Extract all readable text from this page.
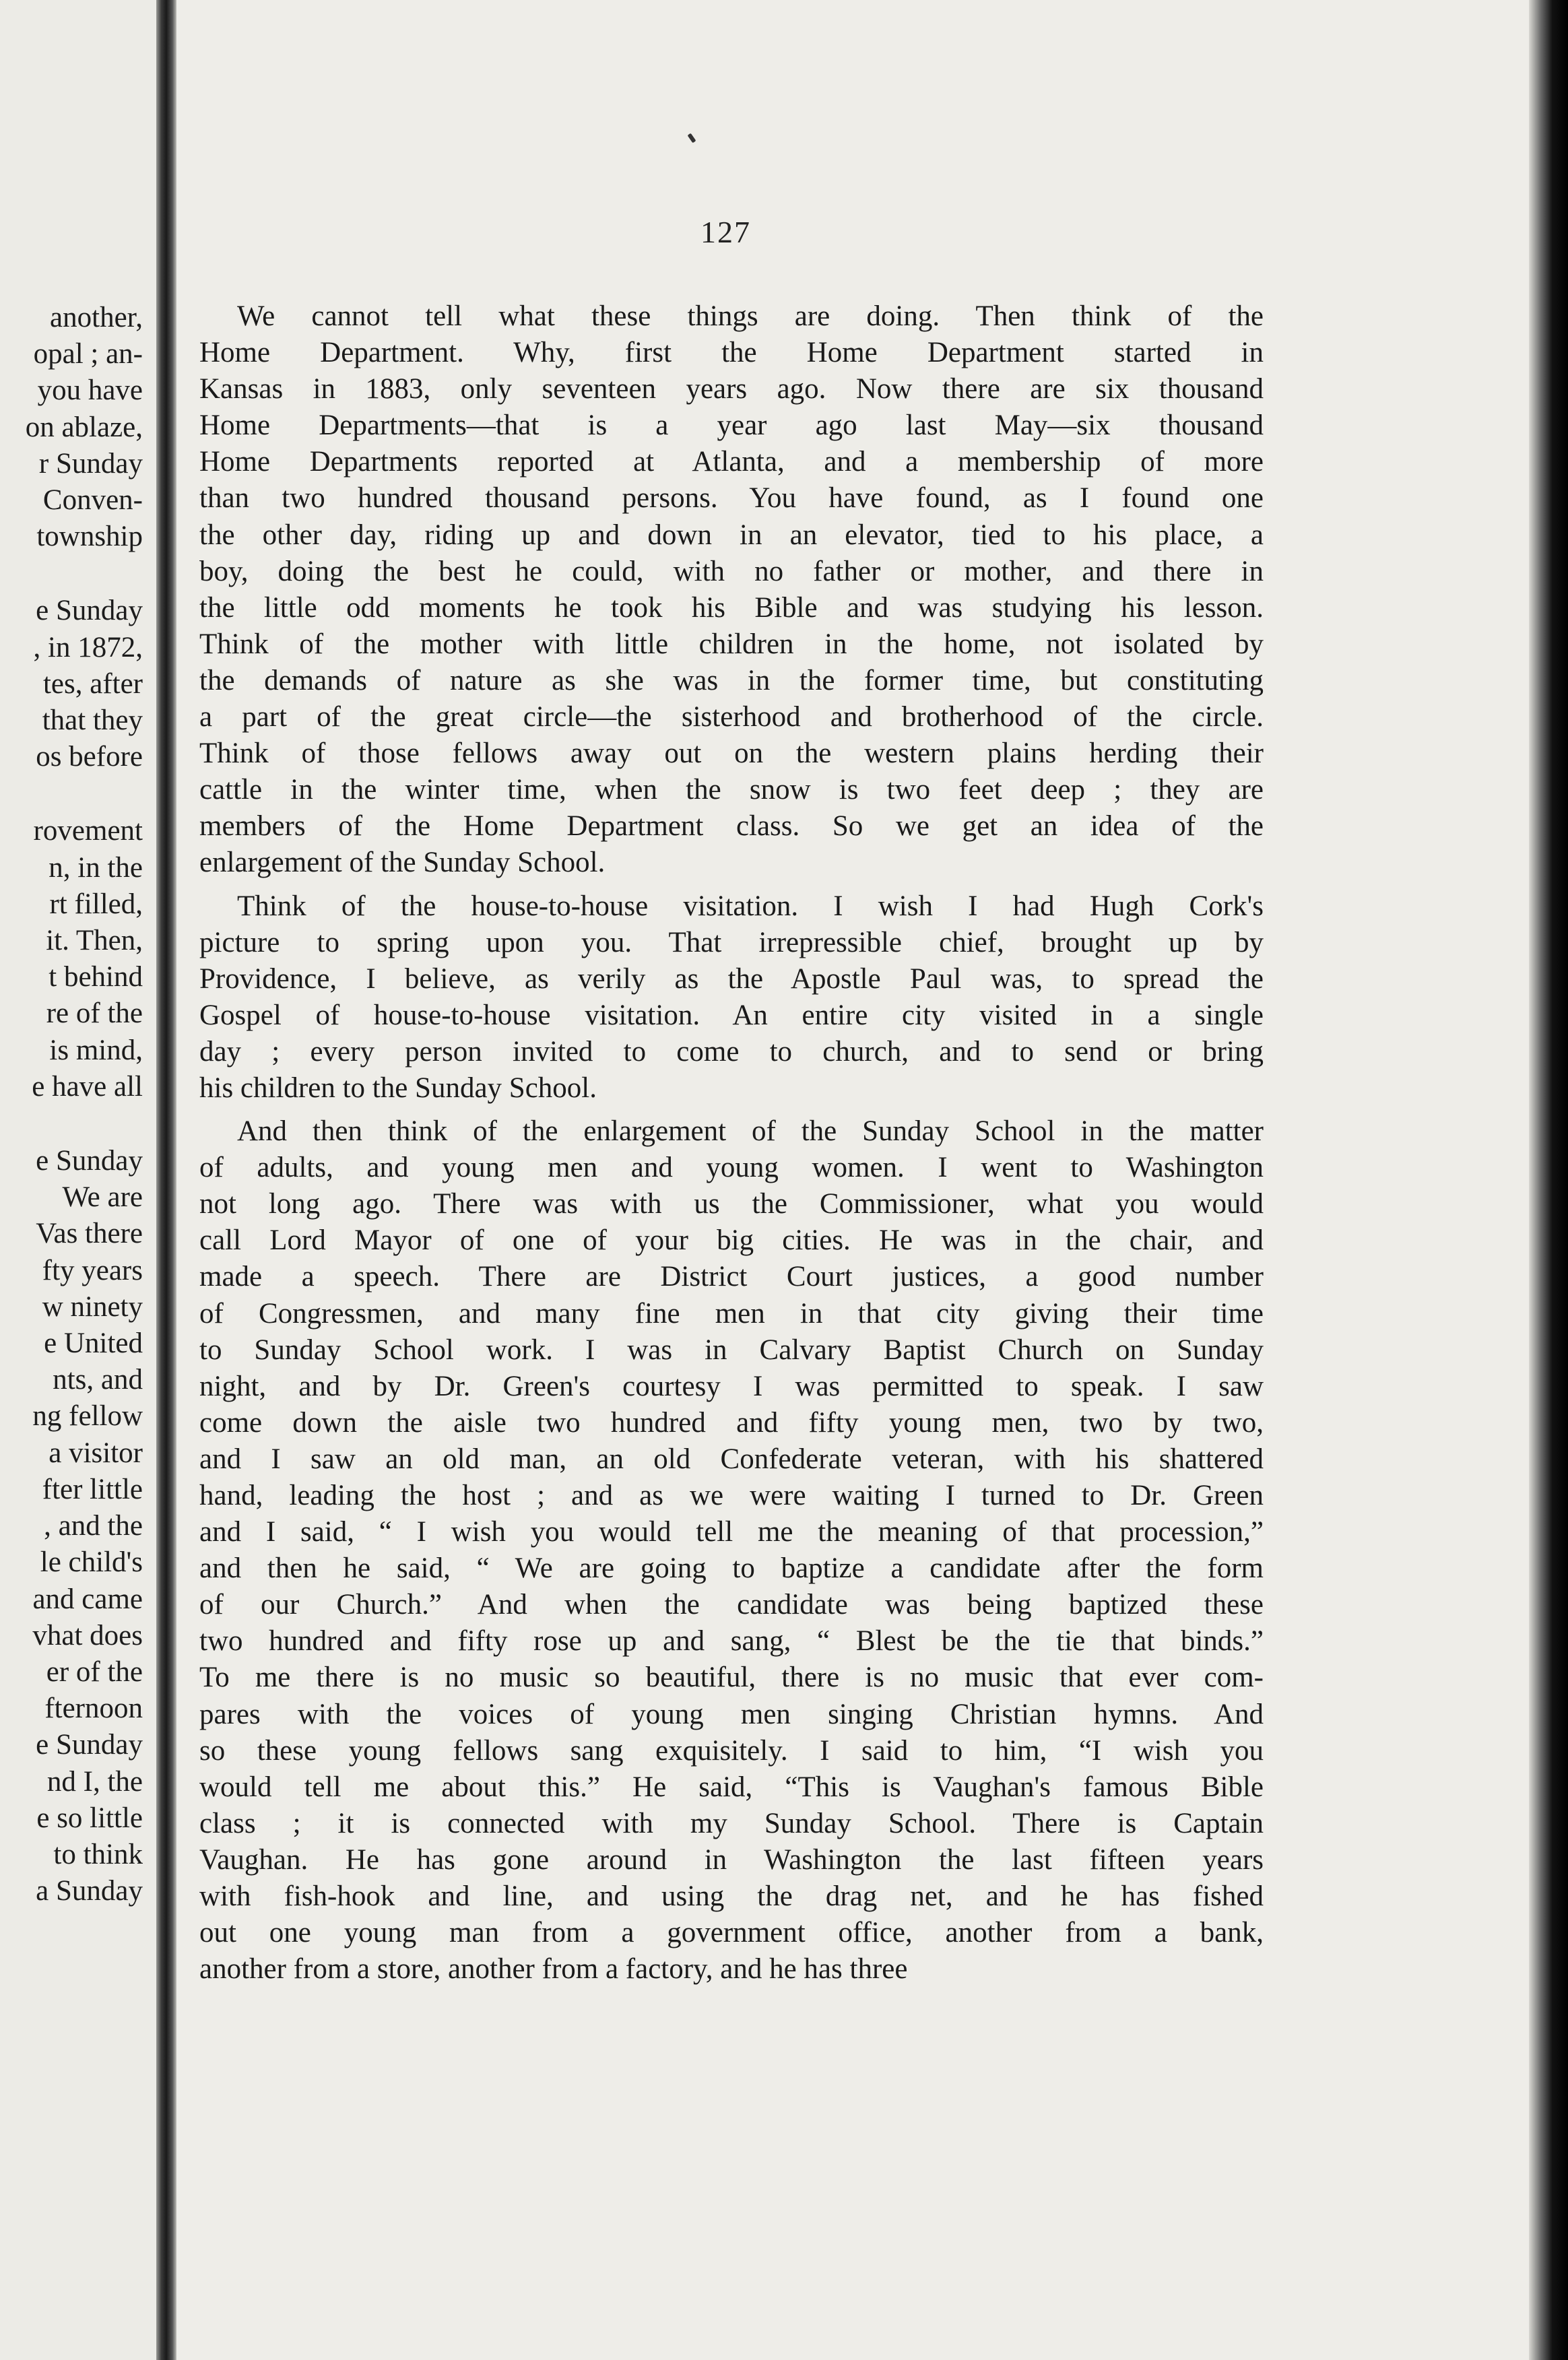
another,
opal ; an-
you have
on ablaze,
r Sunday
Conven-
township
e Sunday
, in 1872,
tes, after
that they
os before
rovement
n, in the
rt filled,
it. Then,
t behind
re of the
is mind,
e have all
e Sunday
We are
Vas there
fty years
w ninety
e United
nts, and
ng fellow
a visitor
fter little
, and the
le child's
and came
vhat does
er of the
fternoon
e Sunday
nd I, the
e so little
to think
a Sunday
127
We cannot tell what these things are doing. Then think of the
Home Department. Why, first the Home Department started in
Kansas in 1883, only seventeen years ago. Now there are six thousand
Home Departments—that is a year ago last May—six thousand
Home Departments reported at Atlanta, and a membership of more
than two hundred thousand persons. You have found, as I found one
the other day, riding up and down in an elevator, tied to his place, a
boy, doing the best he could, with no father or mother, and there in
the little odd moments he took his Bible and was studying his lesson.
Think of the mother with little children in the home, not isolated by
the demands of nature as she was in the former time, but constituting
a part of the great circle—the sisterhood and brotherhood of the circle.
Think of those fellows away out on the western plains herding their
cattle in the winter time, when the snow is two feet deep ; they are
members of the Home Department class. So we get an idea of the
enlargement of the Sunday School.
Think of the house-to-house visitation. I wish I had Hugh Cork's
picture to spring upon you. That irrepressible chief, brought up by
Providence, I believe, as verily as the Apostle Paul was, to spread the
Gospel of house-to-house visitation. An entire city visited in a single
day ; every person invited to come to church, and to send or bring
his children to the Sunday School.
And then think of the enlargement of the Sunday School in the matter
of adults, and young men and young women. I went to Washington
not long ago. There was with us the Commissioner, what you would
call Lord Mayor of one of your big cities. He was in the chair, and
made a speech. There are District Court justices, a good number
of Congressmen, and many fine men in that city giving their time
to Sunday School work. I was in Calvary Baptist Church on Sunday
night, and by Dr. Green's courtesy I was permitted to speak. I saw
come down the aisle two hundred and fifty young men, two by two,
and I saw an old man, an old Confederate veteran, with his shattered
hand, leading the host ; and as we were waiting I turned to Dr. Green
and I said, “ I wish you would tell me the meaning of that procession,”
and then he said, “ We are going to baptize a candidate after the form
of our Church.” And when the candidate was being baptized these
two hundred and fifty rose up and sang, “ Blest be the tie that binds.”
To me there is no music so beautiful, there is no music that ever com-
pares with the voices of young men singing Christian hymns. And
so these young fellows sang exquisitely. I said to him, “I wish you
would tell me about this.” He said, “This is Vaughan's famous Bible
class ; it is connected with my Sunday School. There is Captain
Vaughan. He has gone around in Washington the last fifteen years
with fish-hook and line, and using the drag net, and he has fished
out one young man from a government office, another from a bank,
another from a store, another from a factory, and he has three
